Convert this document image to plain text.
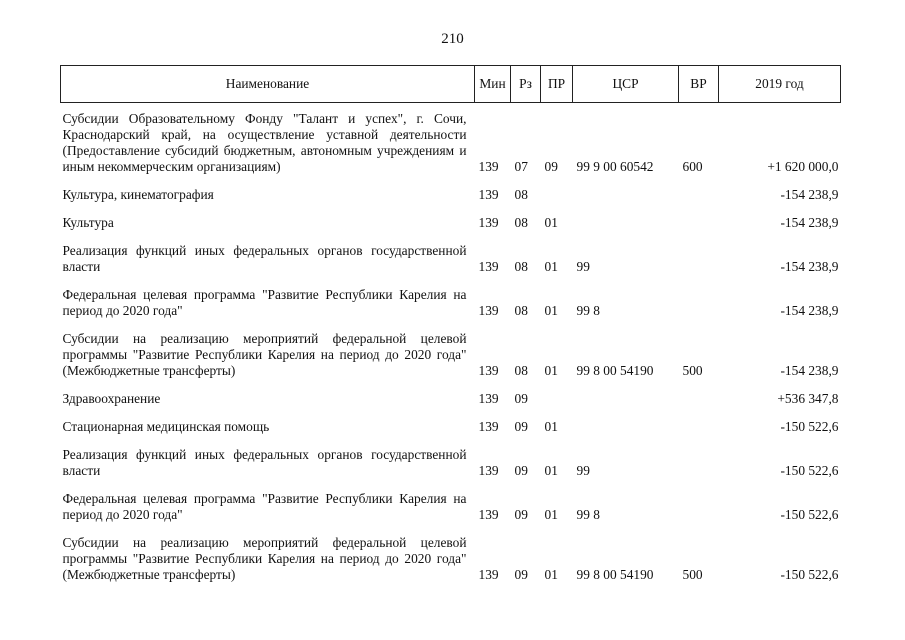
210
Наименование	Мин	Рз	ПР	ЦСР	ВР	2019 год

Субсидии Образовательному Фонду "Талант и успех", г. Сочи, Краснодарский край, на осуществление уставной деятельности (Предоставление субсидий бюджетным, автономным учреждениям и иным некоммерческим организациям)	139	07	09	99 9 00 60542	600	+1 620 000,0

Культура, кинематография	139	08				-154 238,9

Культура	139	08	01			-154 238,9

Реализация функций иных федеральных органов государственной власти	139	08	01	99		-154 238,9

Федеральная целевая программа "Развитие Республики Карелия на период до 2020 года"	139	08	01	99 8		-154 238,9

Субсидии на реализацию мероприятий федеральной целевой программы "Развитие Республики Карелия на период до 2020 года" (Межбюджетные трансферты)	139	08	01	99 8 00 54190	500	-154 238,9

Здравоохранение	139	09				+536 347,8

Стационарная медицинская помощь	139	09	01			-150 522,6

Реализация функций иных федеральных органов государственной власти	139	09	01	99		-150 522,6

Федеральная целевая программа "Развитие Республики Карелия на период до 2020 года"	139	09	01	99 8		-150 522,6

Субсидии на реализацию мероприятий федеральной целевой программы "Развитие Республики Карелия на период до 2020 года" (Межбюджетные трансферты)	139	09	01	99 8 00 54190	500	-150 522,6
